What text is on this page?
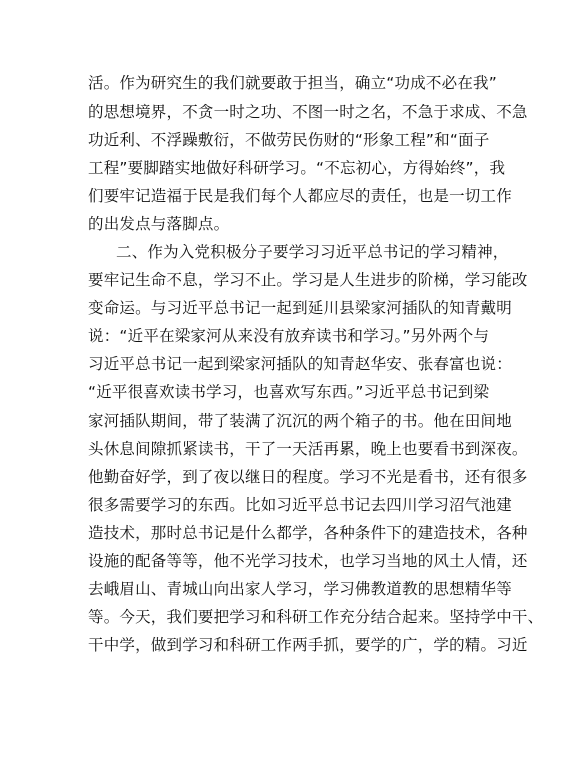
活。作为研究生的我们就要敢于担当，确立“功成不必在我”
的思想境界，不贪一时之功、不图一时之名，不急于求成、不急
功近利、不浮躁敷衍，不做劳民伤财的“形象工程”和“面子
工程”要脚踏实地做好科研学习。“不忘初心，方得始终”，我
们要牢记造福于民是我们每个人都应尽的责任，也是一切工作
的出发点与落脚点。
二、作为入党积极分子要学习习近平总书记的学习精神，
要牢记生命不息，学习不止。学习是人生进步的阶梯，学习能改
变命运。与习近平总书记一起到延川县梁家河插队的知青戴明
说：“近平在梁家河从来没有放弃读书和学习。”另外两个与
习近平总书记一起到梁家河插队的知青赵华安、张春富也说：
“近平很喜欢读书学习，也喜欢写东西。”习近平总书记到梁
家河插队期间，带了装满了沉沉的两个箱子的书。他在田间地
头休息间隙抓紧读书，干了一天活再累，晚上也要看书到深夜。
他勤奋好学，到了夜以继日的程度。学习不光是看书，还有很多
很多需要学习的东西。比如习近平总书记去四川学习沼气池建
造技术，那时总书记是什么都学，各种条件下的建造技术，各种
设施的配备等等，他不光学习技术，也学习当地的风土人情，还
去峨眉山、青城山向出家人学习，学习佛教道教的思想精华等
等。今天，我们要把学习和科研工作充分结合起来。坚持学中干、
干中学，做到学习和科研工作两手抓，要学的广，学的精。习近
